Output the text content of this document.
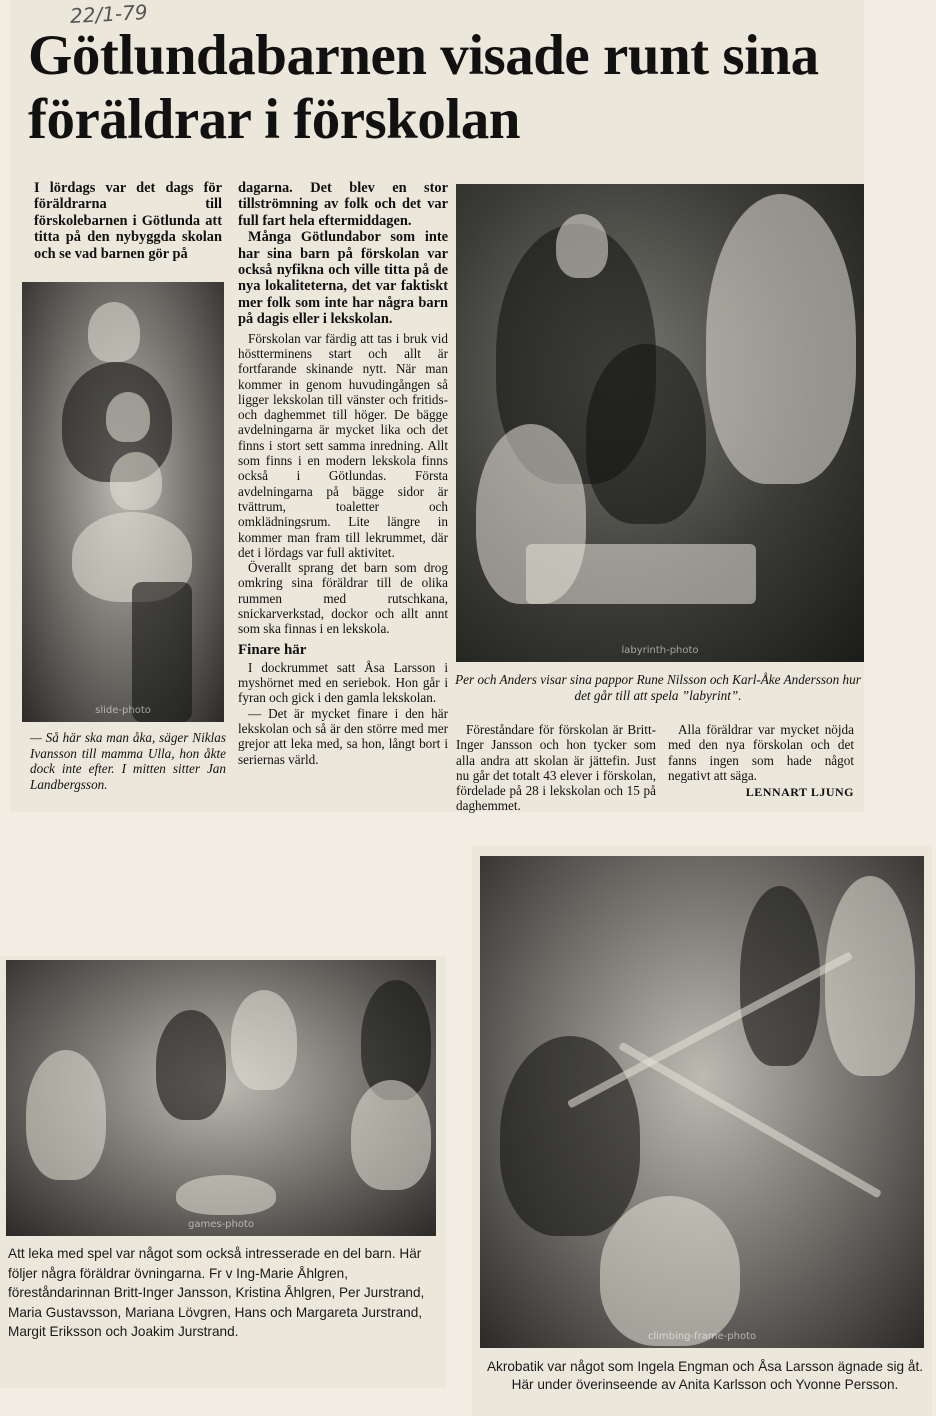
22/1-79
Götlundabarnen visade runt sina föräldrar i förskolan

I lördags var det dags för föräldrarna till förskolebarnen i Götlunda att titta på den nybyggda skolan och se vad barnen gör på

slide-photo
— Så här ska man åka, säger Niklas Ivansson till mamma Ulla, hon åkte dock inte efter. I mitten sitter Jan Landbergsson.

dagarna. Det blev en stor tillströmning av folk och det var full fart hela eftermiddagen.

Många Götlundabor som inte har sina barn på förskolan var också nyfikna och ville titta på de nya lokaliteterna, det var faktiskt mer folk som inte har några barn på dagis eller i lekskolan.

Förskolan var färdig att tas i bruk vid höstterminens start och allt är fortfarande skinande nytt. När man kommer in genom huvudingången så ligger lekskolan till vänster och fritids- och daghemmet till höger. De bägge avdelningarna är mycket lika och det finns i stort sett samma inredning. Allt som finns i en modern lekskola finns också i Götlundas. Första avdelningarna på bägge sidor är tvättrum, toaletter och omklädningsrum. Lite längre in kommer man fram till lekrummet, där det i lördags var full aktivitet.

Överallt sprang det barn som drog omkring sina föräldrar till de olika rummen med rutschkana, snickarverkstad, dockor och allt annt som ska finnas i en lekskola.

Finare här

I dockrummet satt Åsa Larsson i myshörnet med en seriebok. Hon går i fyran och gick i den gamla lekskolan.

— Det är mycket finare i den här lekskolan och så är den större med mer grejor att leka med, sa hon, långt bort i seriernas värld.

labyrinth-photo
Per och Anders visar sina pappor Rune Nilsson och Karl-Åke Andersson hur det går till att spela ”labyrint”.

Föreståndare för förskolan är Britt-Inger Jansson och hon tycker som alla andra att skolan är jättefin. Just nu går det totalt 43 elever i förskolan, fördelade på 28 i lekskolan och 15 på daghemmet.

Alla föräldrar var mycket nöjda med den nya förskolan och det fanns ingen som hade något negativt att säga.

LENNART LJUNG
games-photo
Att leka med spel var något som också intresserade en del barn. Här följer några föräldrar övningarna. Fr v Ing-Marie Åhlgren, föreståndarinnan Britt-Inger Jansson, Kristina Åhlgren, Per Jurstrand, Maria Gustavsson, Mariana Lövgren, Hans och Margareta Jurstrand, Margit Eriksson och Joakim Jurstrand.	climbing-frame-photo
Akrobatik var något som Ingela Engman och Åsa Larsson ägnade sig åt. Här under överinseende av Anita Karlsson och Yvonne Persson.
